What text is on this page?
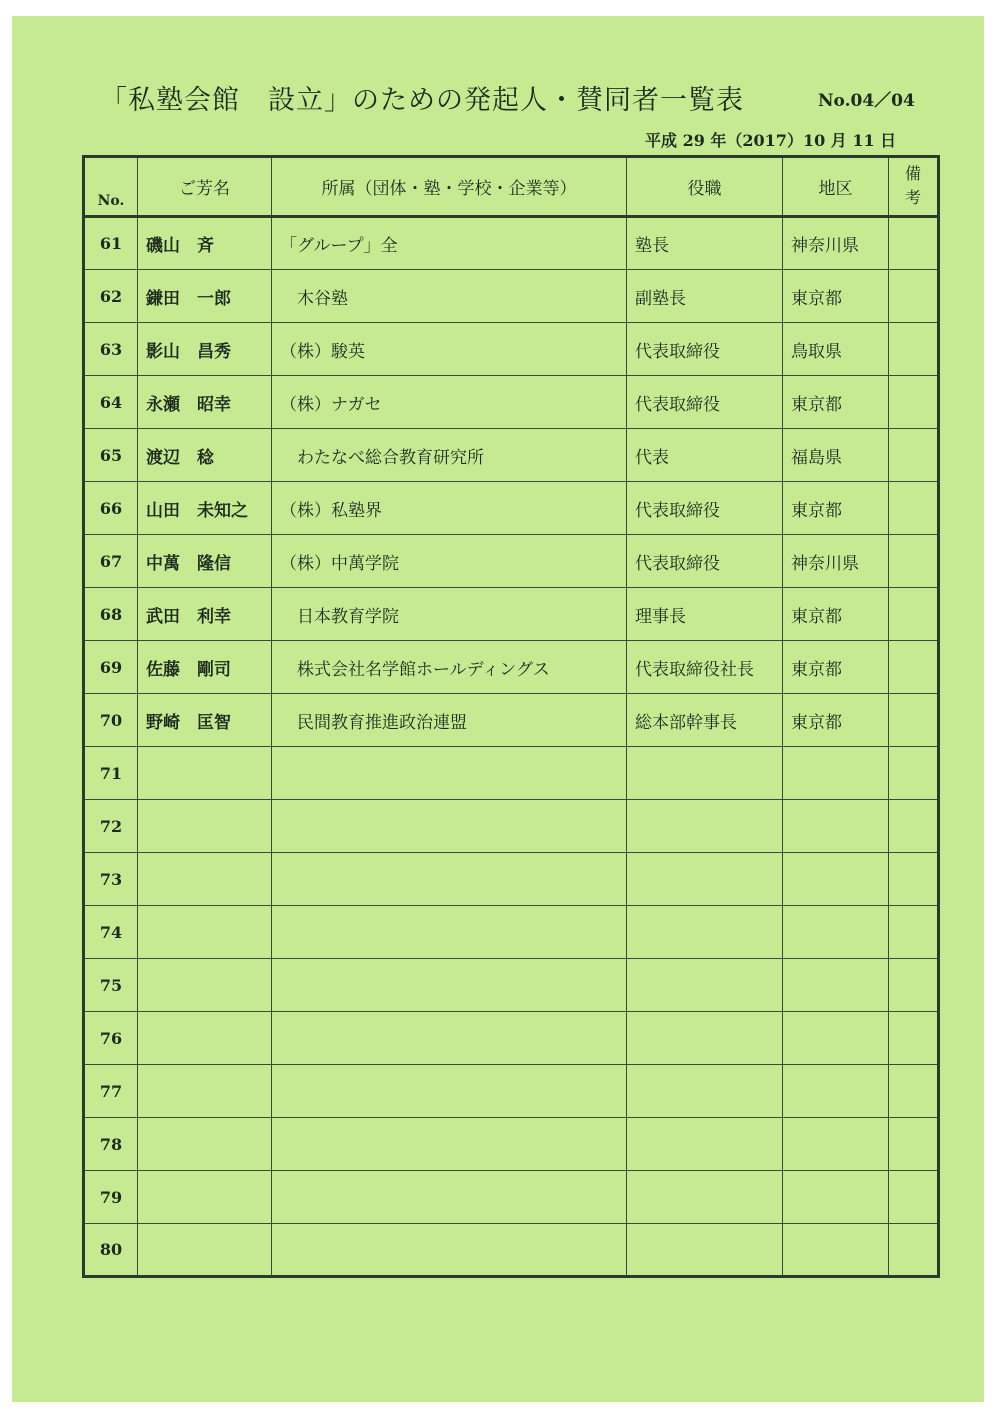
「私塾会館　設立」のための発起人・賛同者一覧表	No.04／04
平成 29 年（2017）10 月 11 日
No.	ご芳名	所属（団体・塾・学校・企業等）	役職	地区	備考
61	磯山　斉	「グループ」全	塾長	神奈川県	
62	鎌田　一郎	　木谷塾	副塾長	東京都	
63	影山　昌秀	（株）駿英	代表取締役	鳥取県	
64	永瀬　昭幸	（株）ナガセ	代表取締役	東京都	
65	渡辺　稔	　わたなべ総合教育研究所	代表	福島県	
66	山田　未知之	（株）私塾界	代表取締役	東京都	
67	中萬　隆信	（株）中萬学院	代表取締役	神奈川県	
68	武田　利幸	　日本教育学院	理事長	東京都	
69	佐藤　剛司	　株式会社名学館ホールディングス	代表取締役社長	東京都	
70	野崎　匡智	　民間教育推進政治連盟	総本部幹事長	東京都	
71					
72					
73					
74					
75					
76					
77					
78					
79					
80					
